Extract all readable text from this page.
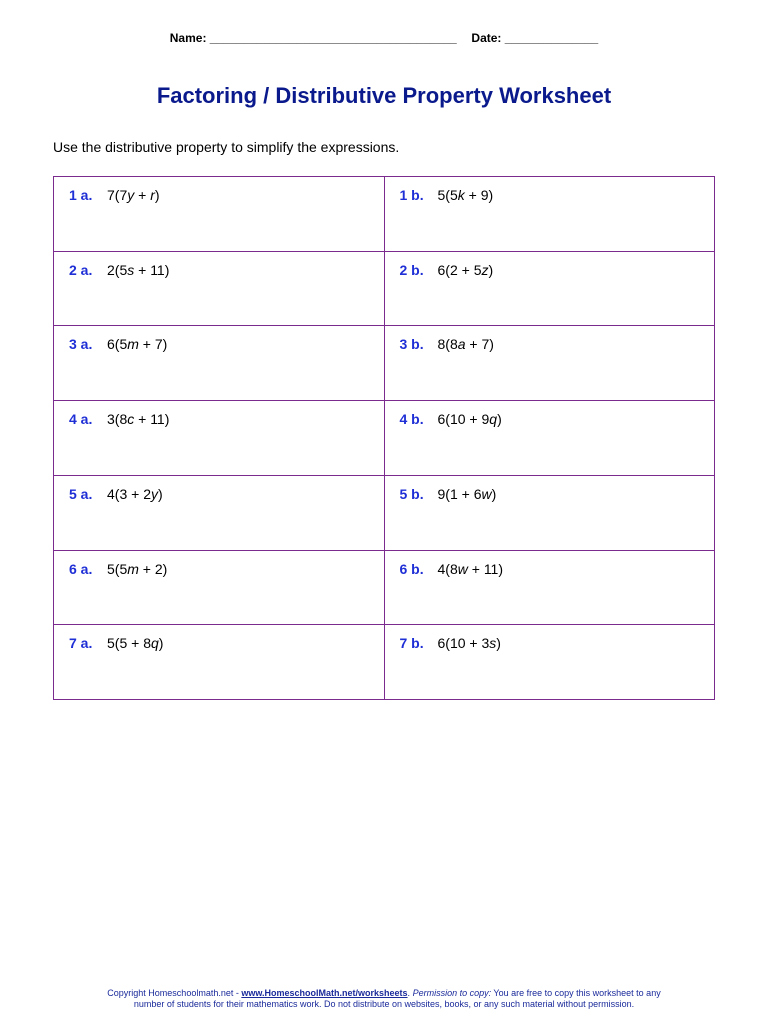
Name: _____________________________________ Date: ______________
Factoring / Distributive Property Worksheet
Use the distributive property to simplify the expressions.
1 a. 7(7y + r)	1 b. 5(5k + 9)
2 a. 2(5s + 11)	2 b. 6(2 + 5z)
3 a. 6(5m + 7)	3 b. 8(8a + 7)
4 a. 3(8c + 11)	4 b. 6(10 + 9q)
5 a. 4(3 + 2y)	5 b. 9(1 + 6w)
6 a. 5(5m + 2)	6 b. 4(8w + 11)
7 a. 5(5 + 8q)	7 b. 6(10 + 3s)
Copyright Homeschoolmath.net - www.HomeschoolMath.net/worksheets. Permission to copy: You are free to copy this worksheet to any
number of students for their mathematics work. Do not distribute on websites, books, or any such material without permission.
